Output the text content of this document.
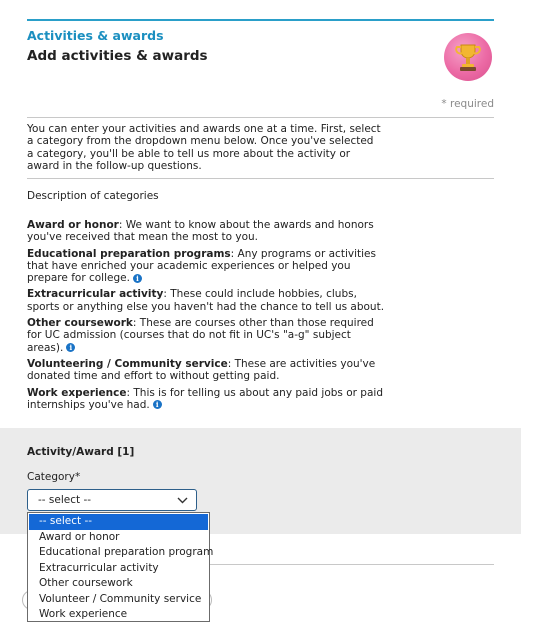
Activities & awards
Add activities & awards
* required

You can enter your activities and awards one at a time. First, select a category from the dropdown menu below. Once you've selected a category, you'll be able to tell us more about the activity or award in the follow-up questions.

Description of categories

Award or honor: We want to know about the awards and honors you've received that mean the most to you.

Educational preparation programs: Any programs or activities that have enriched your academic experiences or helped you prepare for college. i

Extracurricular activity: These could include hobbies, clubs, sports or anything else you haven't had the chance to tell us about.

Other coursework: These are courses other than those required for UC admission (courses that do not fit in UC's "a-g" subject areas). i

Volunteering / Community service: These are activities you've donated time and effort to without getting paid.

Work experience: This is for telling us about any paid jobs or paid internships you've had. i

Activity/Award [1]

Category*

-- select --
-- select --
Award or honor
Educational preparation program
Extracurricular activity
Other coursework
Volunteer / Community service
Work experience
